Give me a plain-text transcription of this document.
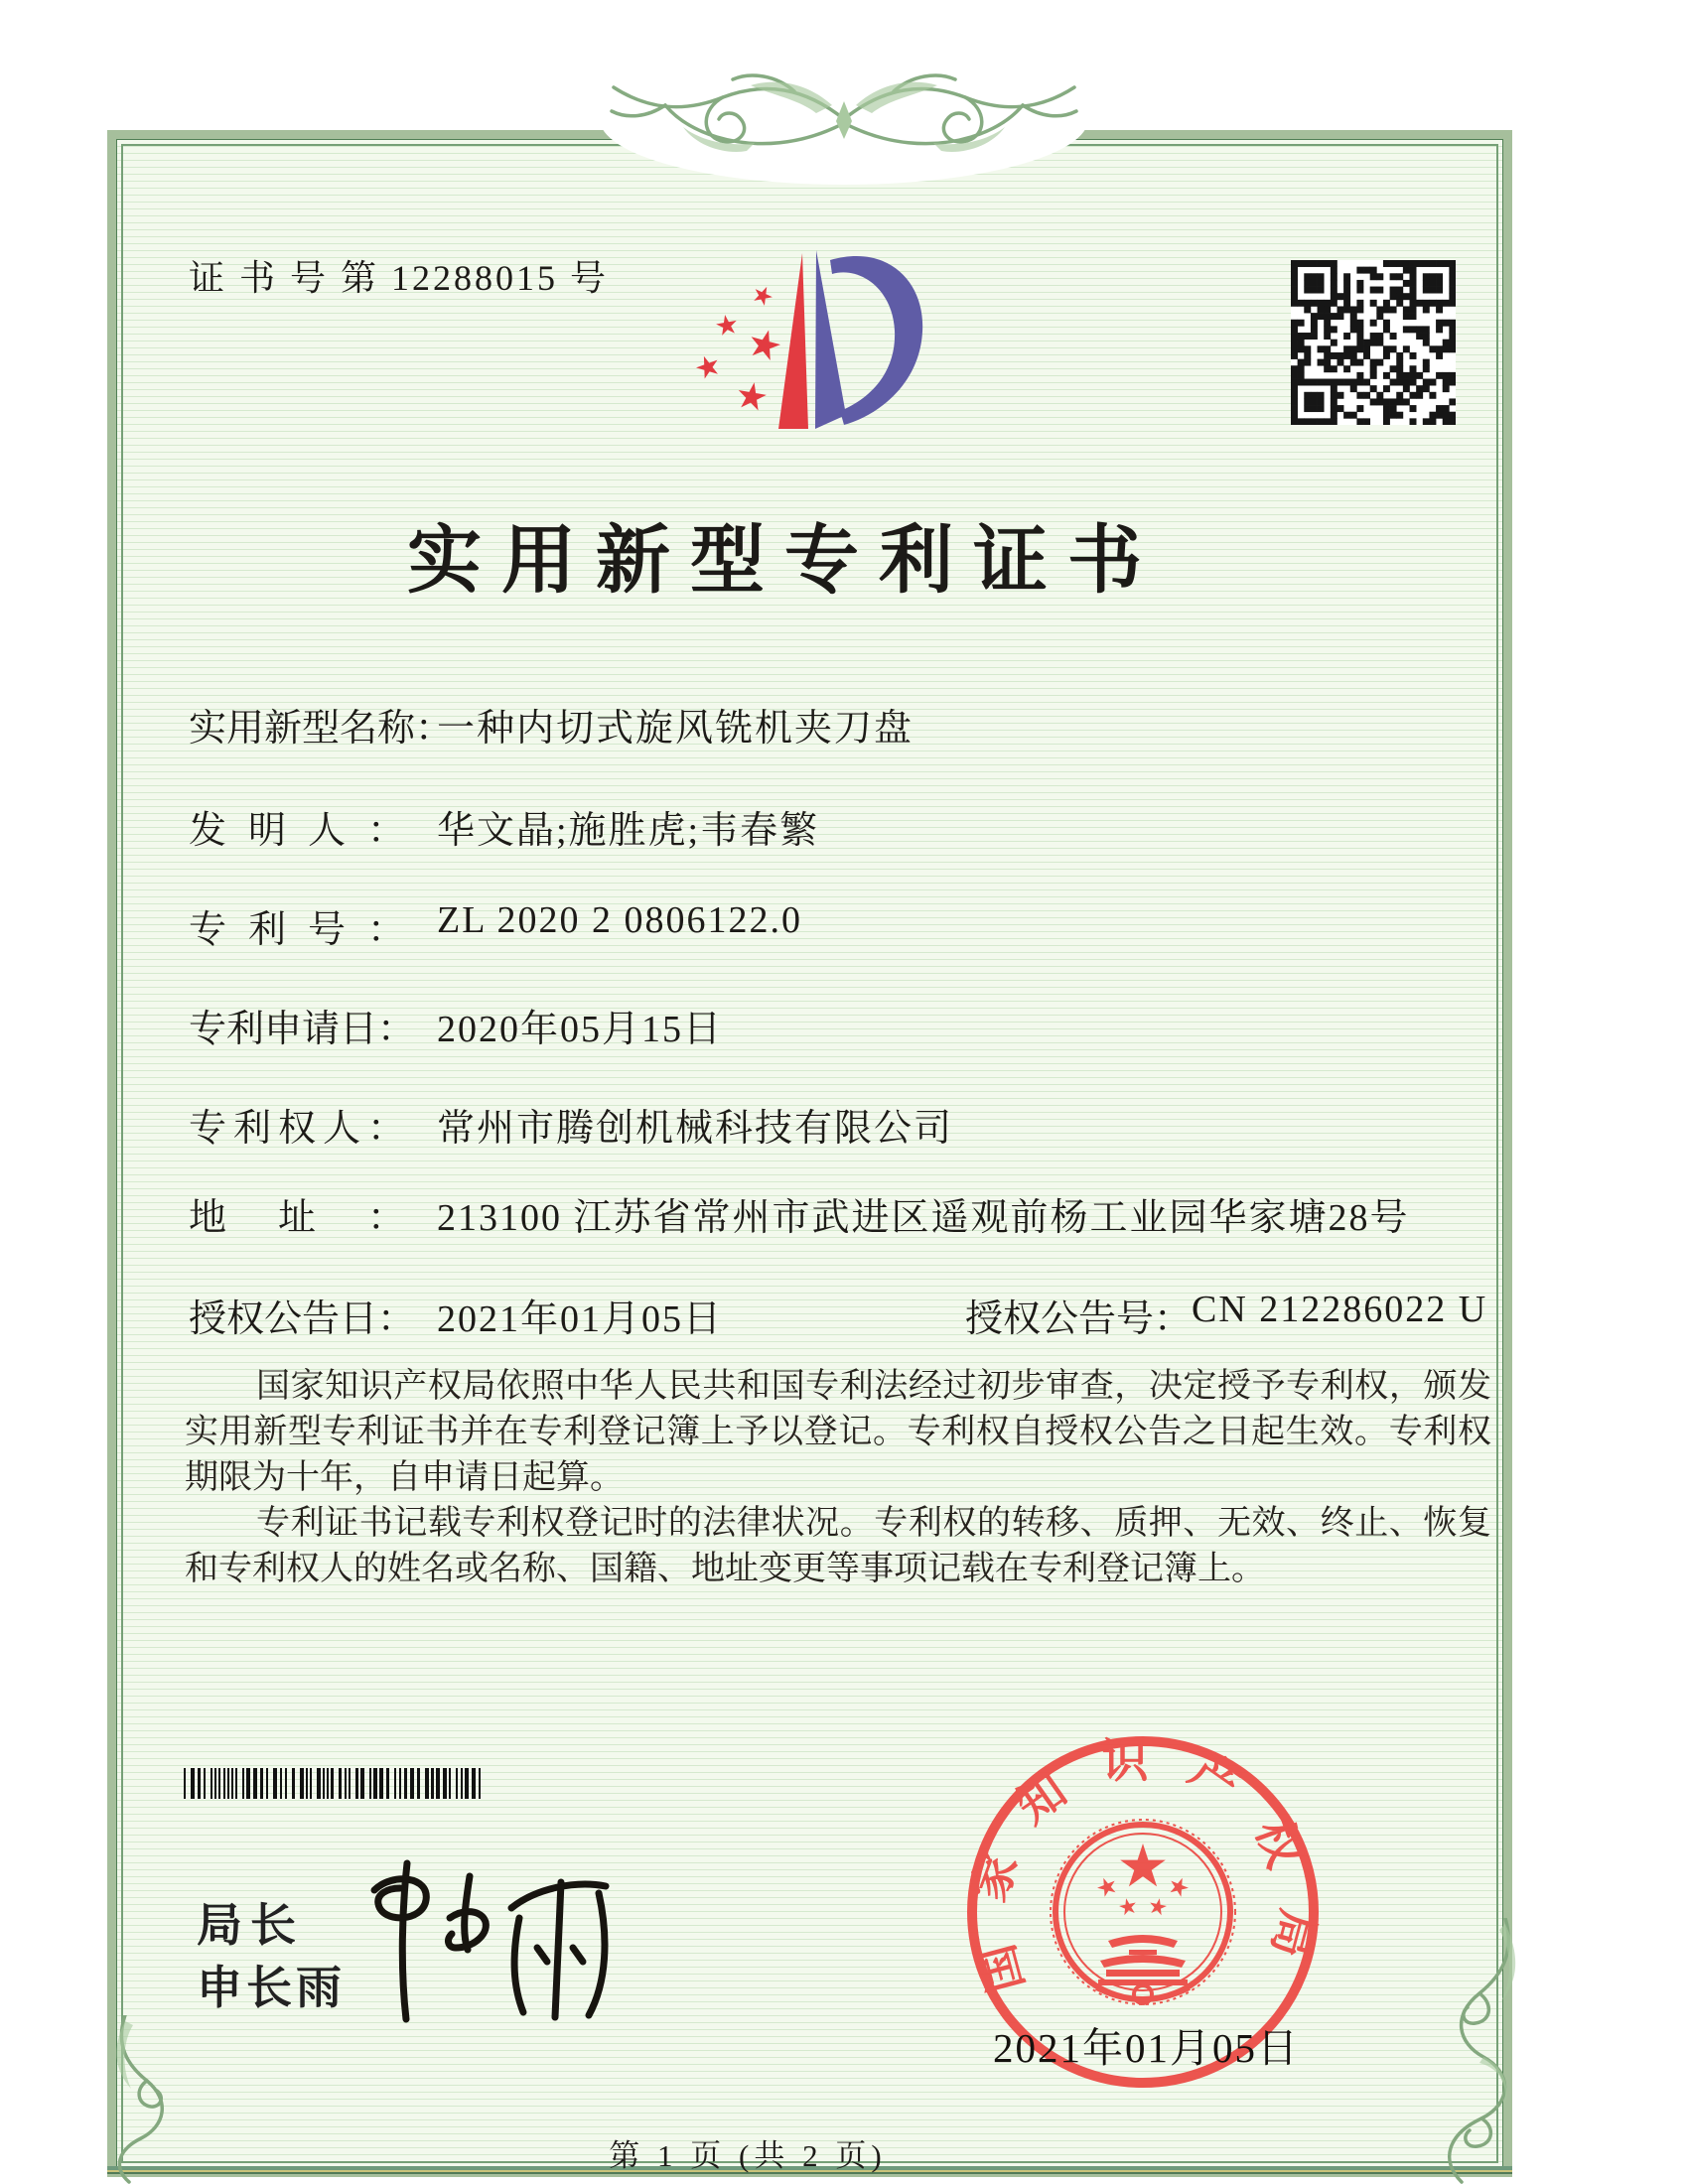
证 书 号 第 12288015 号
实用新型专利证书
实用新型名称：
一种内切式旋风铣机夹刀盘
发明人： 华文晶;施胜虎;韦春繁
专利号： ZL 2020 2 0806122.0
专利申请日： 2020年05月15日
专利权人： 常州市腾创机械科技有限公司
地址： 213100 江苏省常州市武进区遥观前杨工业园华家塘28号
授权公告日： 2021年01月05日	授权公告号： CN 212286022 U

国家知识产权局依照中华人民共和国专利法经过初步审查，决定授予专利权，颁发实用新型专利证书并在专利登记簿上予以登记。专利权自授权公告之日起生效。专利权期限为十年，自申请日起算。

专利证书记载专利权登记时的法律状况。专利权的转移、质押、无效、终止、恢复和专利权人的姓名或名称、国籍、地址变更等事项记载在专利登记簿上。

局长
申长雨	国家知识产权局
2021年01月05日
第 1 页 (共 2 页)
